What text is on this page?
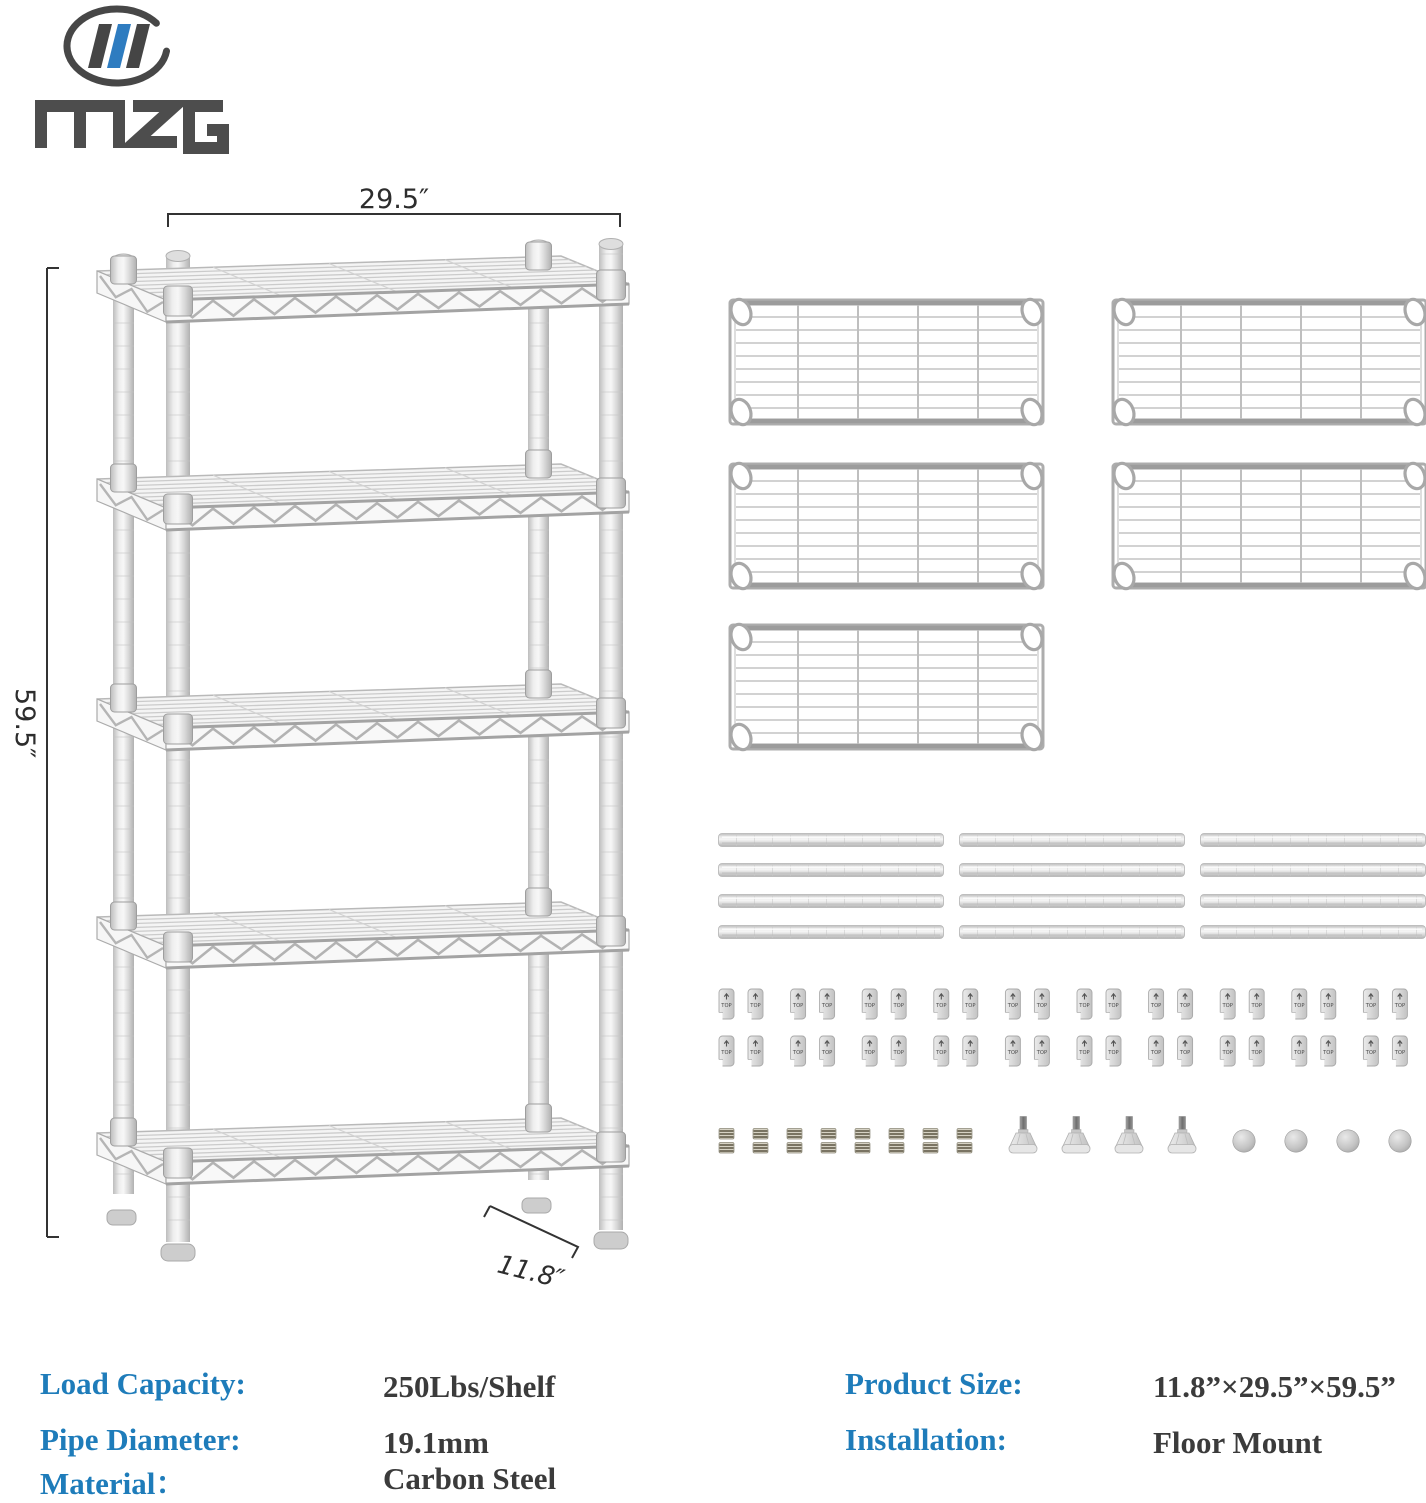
29.5″
59.5″
11.8″
Load Capacity:	250Lbs/Shelf
Pipe Diameter:	19.1mm
Material：	Carbon Steel
Product Size:	11.8”×29.5”×59.5”
Installation:	Floor Mount
